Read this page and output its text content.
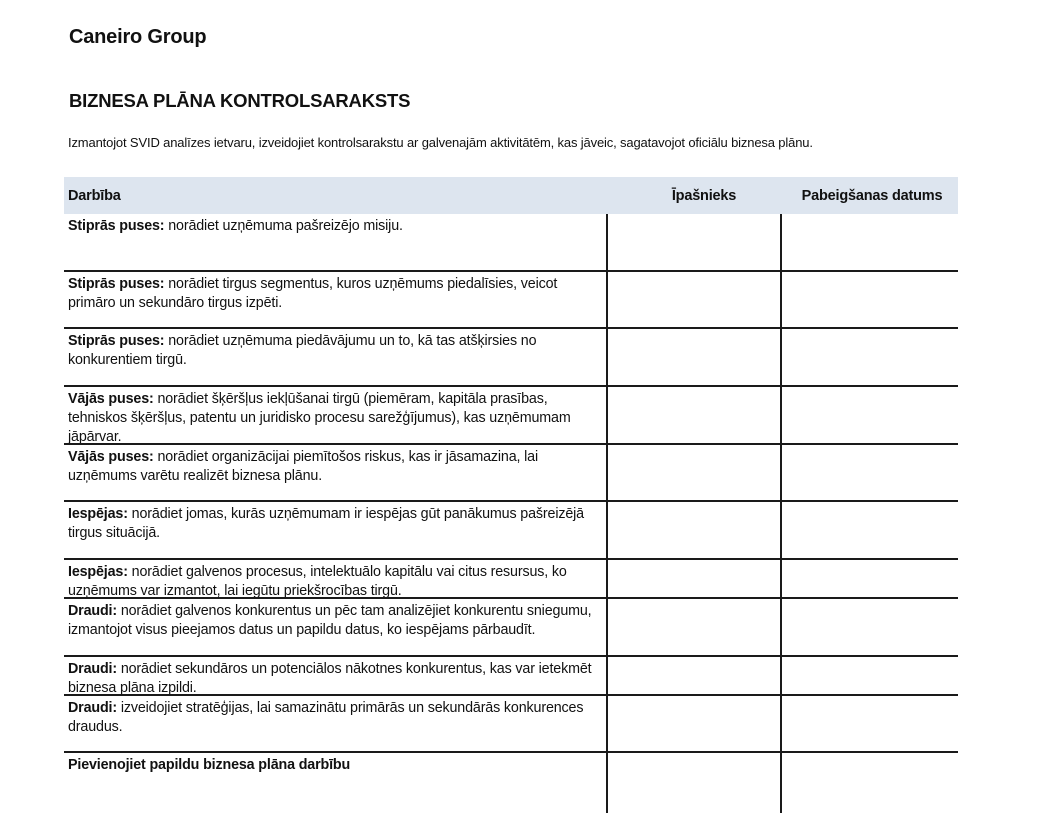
Caneiro Group
BIZNESA PLĀNA KONTROLSARAKSTS
Izmantojot SVID analīzes ietvaru, izveidojiet kontrolsarakstu ar galvenajām aktivitātēm, kas jāveic, sagatavojot oficiālu biznesa plānu.
Darbība	Īpašnieks	Pabeigšanas datums
Stiprās puses: norādiet uzņēmuma pašreizējo misiju.
Stiprās puses: norādiet tirgus segmentus, kuros uzņēmums piedalīsies, veicot primāro un sekundāro tirgus izpēti.
Stiprās puses: norādiet uzņēmuma piedāvājumu un to, kā tas atšķirsies no konkurentiem tirgū.
Vājās puses: norādiet šķēršļus iekļūšanai tirgū (piemēram, kapitāla prasības, tehniskos šķēršļus, patentu un juridisko procesu sarežģījumus), kas uzņēmumam jāpārvar.
Vājās puses: norādiet organizācijai piemītošos riskus, kas ir jāsamazina, lai uzņēmums varētu realizēt biznesa plānu.
Iespējas: norādiet jomas, kurās uzņēmumam ir iespējas gūt panākumus pašreizējā tirgus situācijā.
Iespējas: norādiet galvenos procesus, intelektuālo kapitālu vai citus resursus, ko uzņēmums var izmantot, lai iegūtu priekšrocības tirgū.
Draudi: norādiet galvenos konkurentus un pēc tam analizējiet konkurentu sniegumu, izmantojot visus pieejamos datus un papildu datus, ko iespējams pārbaudīt.
Draudi: norādiet sekundāros un potenciālos nākotnes konkurentus, kas var ietekmēt biznesa plāna izpildi.
Draudi: izveidojiet stratēģijas, lai samazinātu primārās un sekundārās konkurences draudus.
Pievienojiet papildu biznesa plāna darbību
